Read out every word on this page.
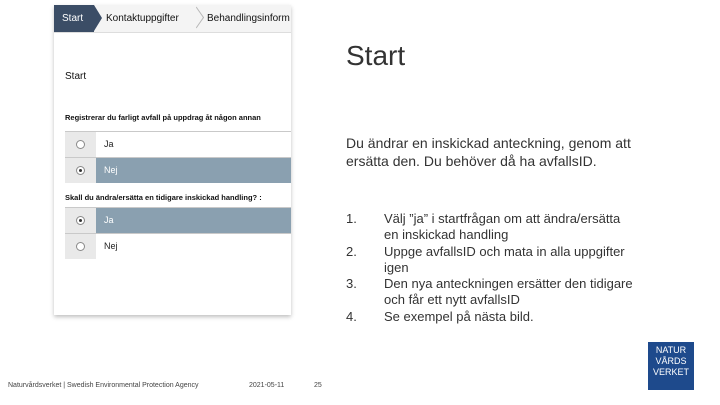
Start	Kontaktuppgifter	Behandlingsinform
Start
Registrerar du farligt avfall på uppdrag åt någon annan
Ja
Nej
Skall du ändra/ersätta en tidigare inskickad handling? :
Ja
Nej
Start
Du ändrar en inskickad anteckning, genom att ersätta den. Du behöver då ha avfallsID.
1. Välj ”ja” i startfrågan om att ändra/ersätta en inskickad handling
2. Uppge avfallsID och mata in alla uppgifter igen
3. Den nya anteckningen ersätter den tidigare och får ett nytt avfallsID
4. Se exempel på nästa bild.
Naturvårdsverket | Swedish Environmental Protection Agency	2021-05-11	25
NATUR
VÅRDS
VERKET
